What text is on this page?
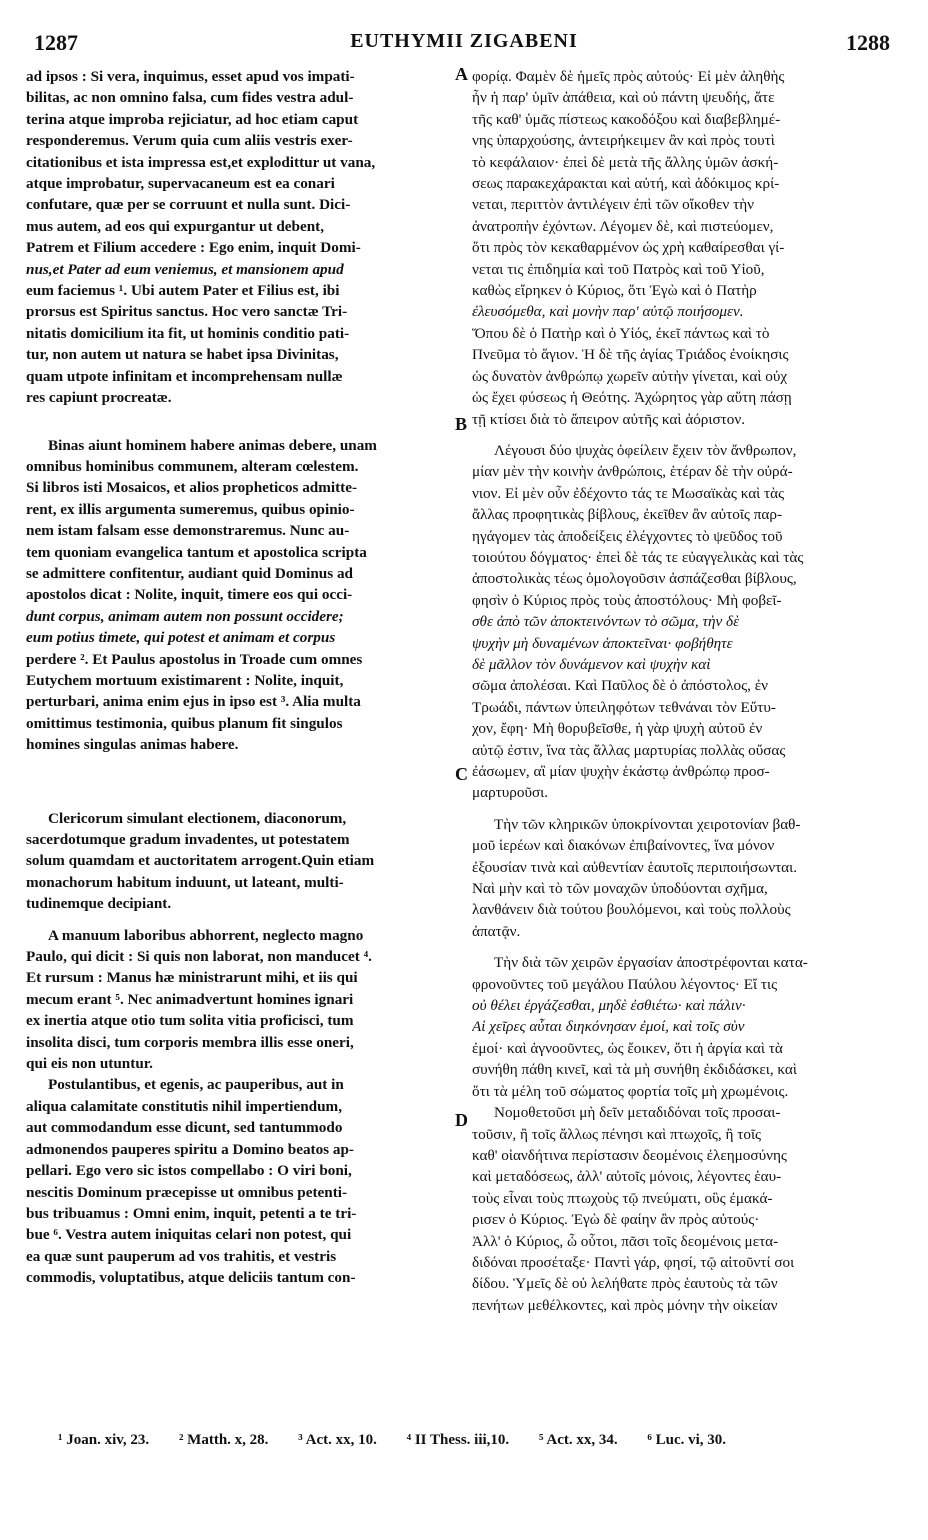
1287	EUTHYMII ZIGABENI	1288
A
B
C
D
ad ipsos : Si vera, inquimus, esset apud vos impati-
bilitas, ac non omnino falsa, cum fides vestra adul-
terina atque improba rejiciatur, ad hoc etiam caput
responderemus. Verum quia cum aliis vestris exer-
citationibus et ista impressa est,et explodittur ut vana,
atque improbatur, supervacaneum est ea conari
confutare, quæ per se corruunt et nulla sunt. Dici-
mus autem, ad eos qui expurgantur ut debent,
Patrem et Filium accedere : Ego enim, inquit Domi-
nus,et Pater ad eum veniemus, et mansionem apud
eum faciemus ¹. Ubi autem Pater et Filius est, ibi
prorsus est Spiritus sanctus. Hoc vero sanctæ Tri-
nitatis domicilium ita fit, ut hominis conditio pati-
tur, non autem ut natura se habet ipsa Divinitas,
quam utpote infinitam et incomprehensam nullæ
res capiunt procreatæ.
Binas aiunt hominem habere animas debere, unam
omnibus hominibus communem, alteram cœlestem.
Si libros isti Mosaicos, et alios propheticos admitte-
rent, ex illis argumenta sumeremus, quibus opinio-
nem istam falsam esse demonstraremus. Nunc au-
tem quoniam evangelica tantum et apostolica scripta
se admittere confitentur, audiant quid Dominus ad
apostolos dicat : Nolite, inquit, timere eos qui occi-
dunt corpus, animam autem non possunt occidere;
eum potius timete, qui potest et animam et corpus
perdere ². Et Paulus apostolus in Troade cum omnes
Eutychem mortuum existimarent : Nolite, inquit,
perturbari, anima enim ejus in ipso est ³. Alia multa
omittimus testimonia, quibus planum fit singulos
homines singulas animas habere.
Clericorum simulant electionem, diaconorum,
sacerdotumque gradum invadentes, ut potestatem
solum quamdam et auctoritatem arrogent.Quin etiam
monachorum habitum induunt, ut lateant, multi-
tudinemque decipiant.
A manuum laboribus abhorrent, neglecto magno
Paulo, qui dicit : Si quis non laborat, non manducet ⁴.
Et rursum : Manus hæ ministrarunt mihi, et iis qui
mecum erant ⁵. Nec animadvertunt homines ignari
ex inertia atque otio tum solita vitia proficisci, tum
insolita disci, tum corporis membra illis esse oneri,
qui eis non utuntur.
Postulantibus, et egenis, ac pauperibus, aut in
aliqua calamitate constitutis nihil impertiendum,
aut commodandum esse dicunt, sed tantummodo
admonendos pauperes spiritu a Domino beatos ap-
pellari. Ego vero sic istos compellabo : O viri boni,
nescitis Dominum præcepisse ut omnibus petenti-
bus tribuamus : Omni enim, inquit, petenti a te tri-
bue ⁶. Vestra autem iniquitas celari non potest, qui
ea quæ sunt pauperum ad vos trahitis, et vestris
commodis, voluptatibus, atque deliciis tantum con-
φορίᾳ. Φαμὲν δὲ ἡμεῖς πρὸς αὐτούς· Εἰ μὲν ἀληθὴς
ἦν ἡ παρ' ὑμῖν ἀπάθεια, καὶ οὐ πάντη ψευδής, ἅτε
τῆς καθ' ὑμᾶς πίστεως κακοδόξου καὶ διαβεβλημέ-
νης ὑπαρχούσης, ἀντειρήκειμεν ἂν καὶ πρὸς τουτὶ
τὸ κεφάλαιον· ἐπεὶ δὲ μετὰ τῆς ἄλλης ὑμῶν ἀσκή-
σεως παρακεχάρακται καὶ αὐτή, καὶ ἀδόκιμος κρί-
νεται, περιττὸν ἀντιλέγειν ἐπὶ τῶν οἴκοθεν τὴν
ἀνατροπὴν ἐχόντων. Λέγομεν δὲ, καὶ πιστεύομεν,
ὅτι πρὸς τὸν κεκαθαρμένον ὡς χρὴ καθαίρεσθαι γί-
νεται τις ἐπιδημία καὶ τοῦ Πατρὸς καὶ τοῦ Υἱοῦ,
καθὼς εἴρηκεν ὁ Κύριος, ὅτι Ἐγὼ καὶ ὁ Πατὴρ
ἐλευσόμεθα, καὶ μονὴν παρ' αὐτῷ ποιήσομεν.
Ὅπου δὲ ὁ Πατὴρ καὶ ὁ Υἱός, ἐκεῖ πάντως καὶ τὸ
Πνεῦμα τὸ ἅγιον. Ἡ δὲ τῆς ἁγίας Τριάδος ἐνοίκησις
ὡς δυνατὸν ἀνθρώπῳ χωρεῖν αὐτὴν γίνεται, καὶ οὐχ
ὡς ἔχει φύσεως ἡ Θεότης. Ἀχώρητος γὰρ αὕτη πάσῃ
τῇ κτίσει διὰ τὸ ἄπειρον αὐτῆς καὶ ἀόριστον.
Λέγουσι δύο ψυχὰς ὀφείλειν ἔχειν τὸν ἄνθρωπον,
μίαν μὲν τὴν κοινὴν ἀνθρώποις, ἑτέραν δὲ τὴν οὐρά-
νιον. Εἰ μὲν οὖν ἐδέχοντο τάς τε Μωσαϊκὰς καὶ τὰς
ἄλλας προφητικὰς βίβλους, ἐκεῖθεν ἂν αὐτοῖς παρ-
ηγάγομεν τὰς ἀποδείξεις ἐλέγχοντες τὸ ψεῦδος τοῦ
τοιούτου δόγματος· ἐπεὶ δὲ τάς τε εὐαγγελικὰς καὶ τὰς
ἀποστολικὰς τέως ὁμολογοῦσιν ἀσπάζεσθαι βίβλους,
φησὶν ὁ Κύριος πρὸς τοὺς ἀποστόλους· Μὴ φοβεῖ-
σθε ἀπὸ τῶν ἀποκτεινόντων τὸ σῶμα, τὴν δὲ
ψυχὴν μὴ δυναμένων ἀποκτεῖναι· φοβήθητε
δὲ μᾶλλον τὸν δυνάμενον καὶ ψυχὴν καὶ
σῶμα ἀπολέσαι. Καὶ Παῦλος δὲ ὁ ἀπόστολος, ἐν
Τρωάδι, πάντων ὑπειληφότων τεθνάναι τὸν Εὔτυ-
χον, ἔφη· Μὴ θορυβεῖσθε, ἡ γὰρ ψυχὴ αὐτοῦ ἐν
αὐτῷ ἐστιν, ἵνα τὰς ἄλλας μαρτυρίας πολλὰς οὔσας
ἐάσωμεν, αἳ μίαν ψυχὴν ἑκάστῳ ἀνθρώπῳ προσ-
μαρτυροῦσι.
Τὴν τῶν κληρικῶν ὑποκρίνονται χειροτονίαν βαθ-
μοῦ ἱερέων καὶ διακόνων ἐπιβαίνοντες, ἵνα μόνον
ἐξουσίαν τινὰ καὶ αὐθεντίαν ἑαυτοῖς περιποιήσωνται.
Ναὶ μὴν καὶ τὸ τῶν μοναχῶν ὑποδύονται σχῆμα,
λανθάνειν διὰ τούτου βουλόμενοι, καὶ τοὺς πολλοὺς
ἀπατᾷν.
Τὴν διὰ τῶν χειρῶν ἐργασίαν ἀποστρέφονται κατα-
φρονοῦντες τοῦ μεγάλου Παύλου λέγοντος· Εἴ τις
οὐ θέλει ἐργάζεσθαι, μηδὲ ἐσθιέτω· καὶ πάλιν·
Αἱ χεῖρες αὗται διηκόνησαν ἐμοί, καὶ τοῖς σὺν
ἐμοί· καὶ ἀγνοοῦντες, ὡς ἔοικεν, ὅτι ἡ ἀργία καὶ τὰ
συνήθη πάθη κινεῖ, καὶ τὰ μὴ συνήθη ἐκδιδάσκει, καὶ
ὅτι τὰ μέλη τοῦ σώματος φορτία τοῖς μὴ χρωμένοις.
Νομοθετοῦσι μὴ δεῖν μεταδιδόναι τοῖς προσαι-
τοῦσιν, ἢ τοῖς ἄλλως πένησι καὶ πτωχοῖς, ἢ τοῖς
καθ' οἱανδήτινα περίστασιν δεομένοις ἐλεημοσύνης
καὶ μεταδόσεως, ἀλλ' αὐτοῖς μόνοις, λέγοντες ἑαυ-
τοὺς εἶναι τοὺς πτωχοὺς τῷ πνεύματι, οὓς ἐμακά-
ρισεν ὁ Κύριος. Ἐγὼ δὲ φαίην ἂν πρὸς αὐτούς·
Ἀλλ' ὁ Κύριος, ὦ οὗτοι, πᾶσι τοῖς δεομένοις μετα-
διδόναι προσέταξε· Παντὶ γάρ, φησί, τῷ αἰτοῦντί σοι
δίδου. Ὑμεῖς δὲ οὐ λελήθατε πρὸς ἑαυτοὺς τὰ τῶν
πενήτων μεθέλκοντες, καὶ πρὸς μόνην τὴν οἰκείαν
¹ Joan. xiv, 23. ² Matth. x, 28. ³ Act. xx, 10. ⁴ II Thess. iii,10. ⁵ Act. xx, 34. ⁶ Luc. vi, 30.
